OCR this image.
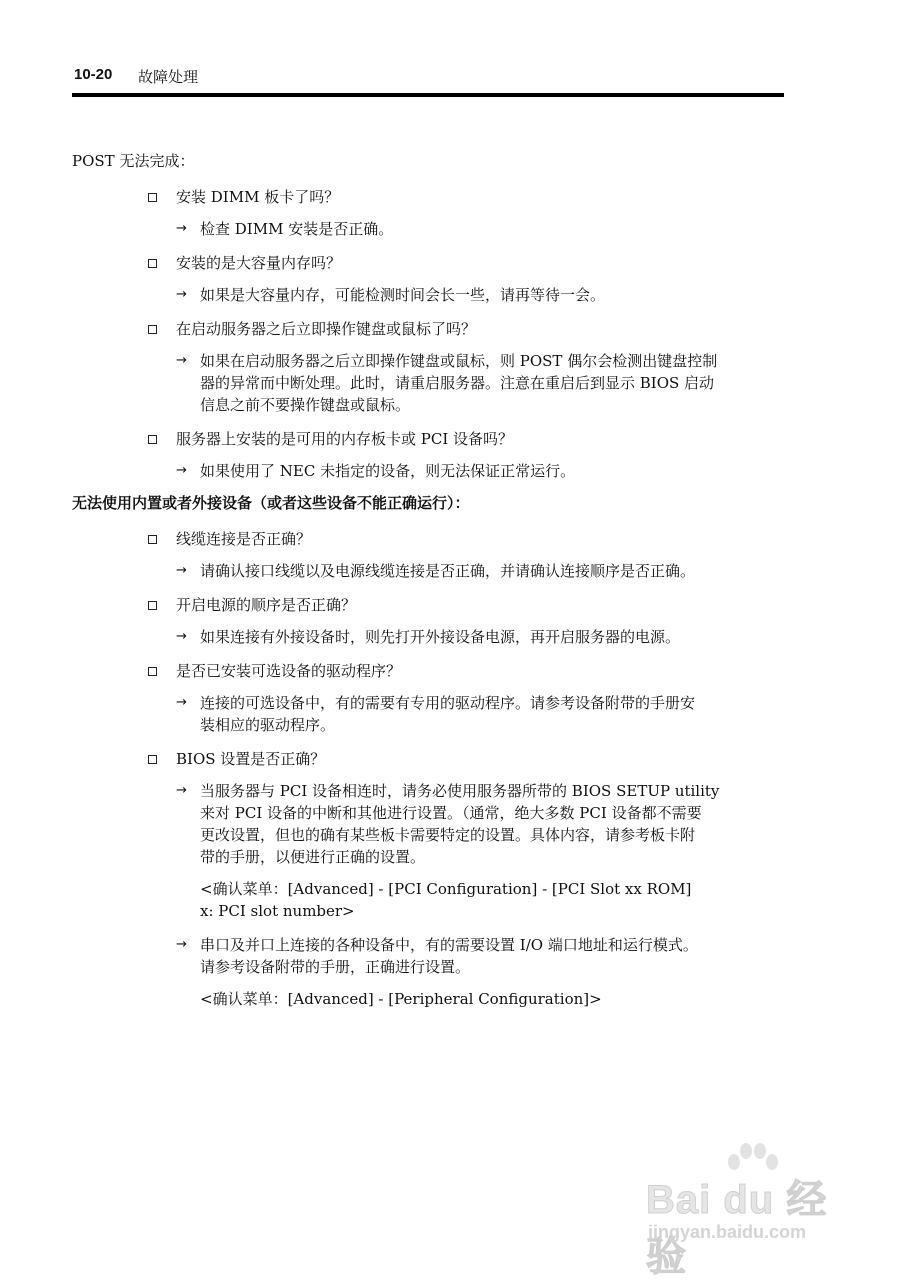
10-20 故障处理

POST 无法完成：

安装 DIMM 板卡了吗？
→ 检查 DIMM 安装是否正确。
安装的是大容量内存吗？
→ 如果是大容量内存，可能检测时间会长一些，请再等待一会。
在启动服务器之后立即操作键盘或鼠标了吗？
→ 如果在启动服务器之后立即操作键盘或鼠标，则 POST 偶尔会检测出键盘控制
器的异常而中断处理。此时，请重启服务器。注意在重启后到显示 BIOS 启动
信息之前不要操作键盘或鼠标。
服务器上安装的是可用的内存板卡或 PCI 设备吗？
→ 如果使用了 NEC 未指定的设备，则无法保证正常运行。

无法使用内置或者外接设备（或者这些设备不能正确运行）：

线缆连接是否正确？
→ 请确认接口线缆以及电源线缆连接是否正确，并请确认连接顺序是否正确。
开启电源的顺序是否正确？
→ 如果连接有外接设备时，则先打开外接设备电源，再开启服务器的电源。
是否已安装可选设备的驱动程序？
→ 连接的可选设备中，有的需要有专用的驱动程序。请参考设备附带的手册安
装相应的驱动程序。
BIOS 设置是否正确？
→ 当服务器与 PCI 设备相连时，请务必使用服务器所带的 BIOS SETUP utility
来对 PCI 设备的中断和其他进行设置。（通常，绝大多数 PCI 设备都不需要
更改设置，但也的确有某些板卡需要特定的设置。具体内容，请参考板卡附
带的手册，以便进行正确的设置。
<确认菜单：[Advanced] - [PCI Configuration] - [PCI Slot xx ROM]
x: PCI slot number>
→ 串口及并口上连接的各种设备中，有的需要设置 I/O 端口地址和运行模式。
请参考设备附带的手册，正确进行设置。
<确认菜单：[Advanced] - [Peripheral Configuration]>
Bai du 经验
jingyan.baidu.com
